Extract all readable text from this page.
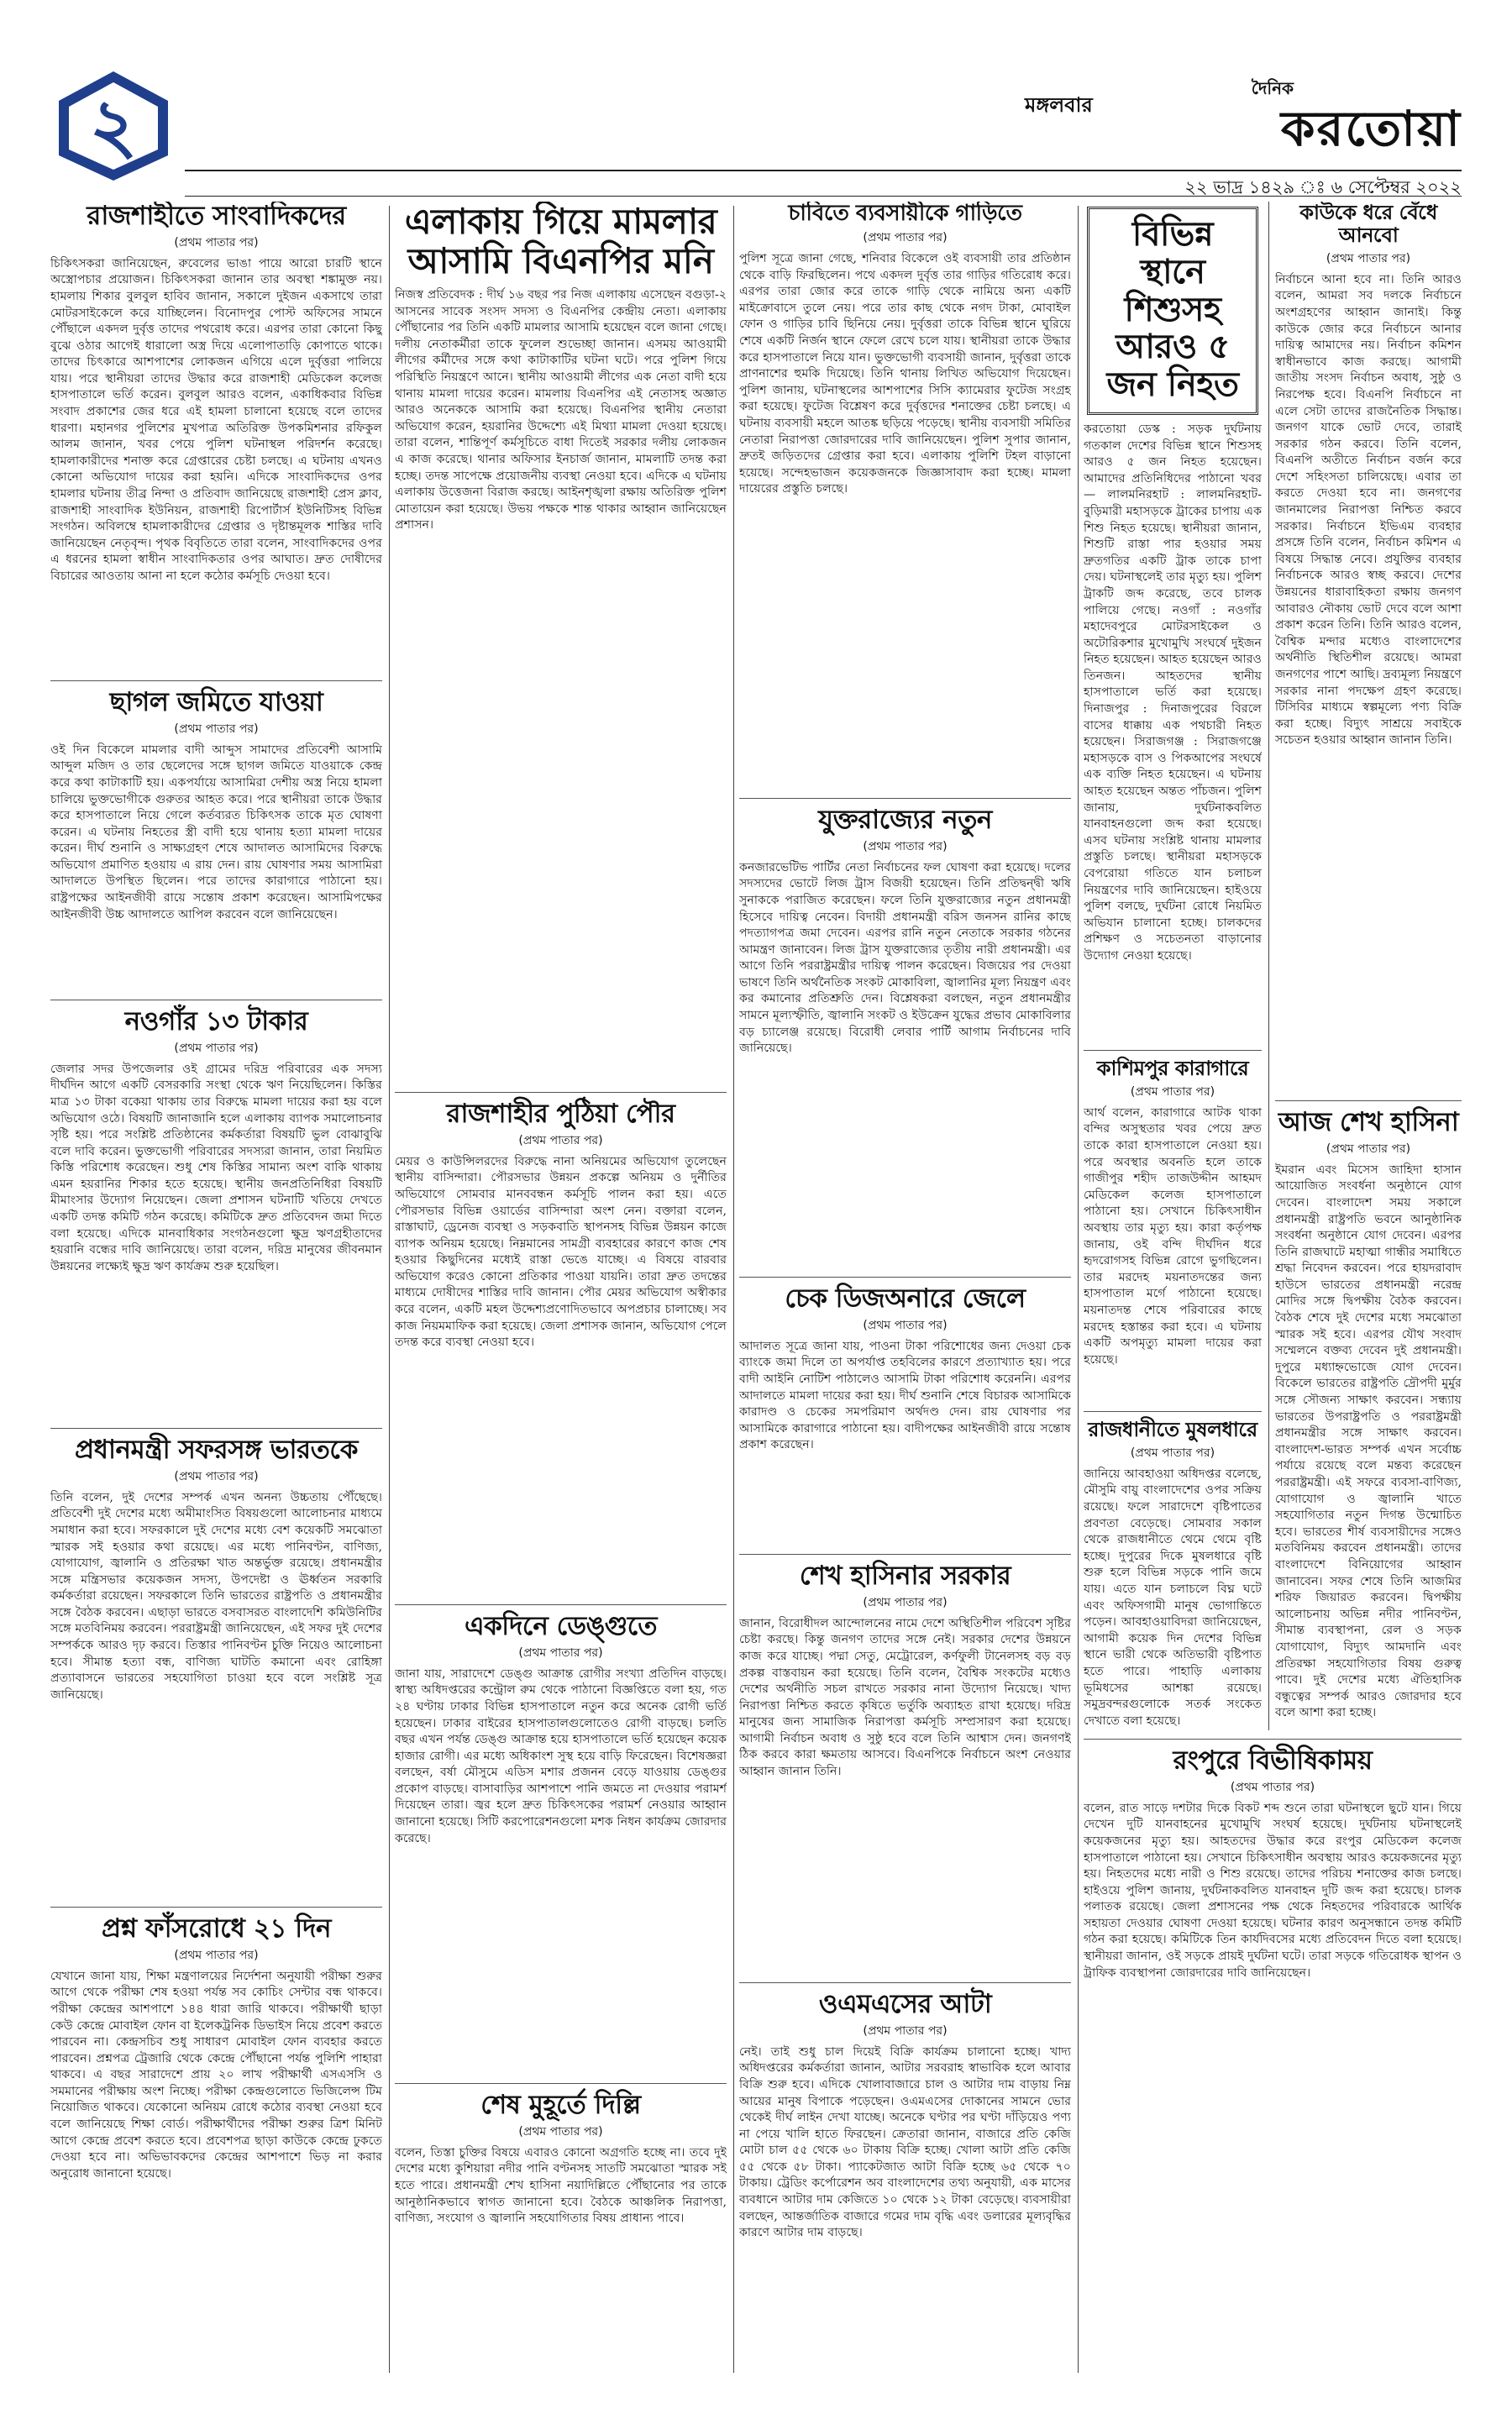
২	মঙ্গলবার
দৈনিক
করতোয়া
২২ ভাদ্র ১৪২৯ ঃ ৬ সেপ্টেম্বর ২০২২
রাজশাহীতে সাংবাদিকদের
(প্রথম পাতার পর)
চিকিৎসকরা জানিয়েছেন, রুবেলের ভাঙা পায়ে আরো চারটি স্থানে অস্ত্রোপচার প্রয়োজন। চিকিৎসকরা জানান তার অবস্থা শঙ্কামুক্ত নয়। হামলায় শিকার বুলবুল হাবিব জানান, সকালে দুইজন একসাথে তারা মোটরসাইকেলে করে যাচ্ছিলেন। বিনোদপুর পোস্ট অফিসের সামনে পৌঁছালে একদল দুর্বৃত্ত তাদের পথরোধ করে। এরপর তারা কোনো কিছু বুঝে ওঠার আগেই ধারালো অস্ত্র দিয়ে এলোপাতাড়ি কোপাতে থাকে। তাদের চিৎকারে আশপাশের লোকজন এগিয়ে এলে দুর্বৃত্তরা পালিয়ে যায়। পরে স্থানীয়রা তাদের উদ্ধার করে রাজশাহী মেডিকেল কলেজ হাসপাতালে ভর্তি করেন। বুলবুল আরও বলেন, একাধিকবার বিভিন্ন সংবাদ প্রকাশের জের ধরে এই হামলা চালানো হয়েছে বলে তাদের ধারণা। মহানগর পুলিশের মুখপাত্র অতিরিক্ত উপকমিশনার রফিকুল আলম জানান, খবর পেয়ে পুলিশ ঘটনাস্থল পরিদর্শন করেছে। হামলাকারীদের শনাক্ত করে গ্রেপ্তারের চেষ্টা চলছে। এ ঘটনায় এখনও কোনো অভিযোগ দায়ের করা হয়নি। এদিকে সাংবাদিকদের ওপর হামলার ঘটনায় তীব্র নিন্দা ও প্রতিবাদ জানিয়েছে রাজশাহী প্রেস ক্লাব, রাজশাহী সাংবাদিক ইউনিয়ন, রাজশাহী রিপোর্টার্স ইউনিটিসহ বিভিন্ন সংগঠন। অবিলম্বে হামলাকারীদের গ্রেপ্তার ও দৃষ্টান্তমূলক শাস্তির দাবি জানিয়েছেন নেতৃবৃন্দ। পৃথক বিবৃতিতে তারা বলেন, সাংবাদিকদের ওপর এ ধরনের হামলা স্বাধীন সাংবাদিকতার ওপর আঘাত। দ্রুত দোষীদের বিচারের আওতায় আনা না হলে কঠোর কর্মসূচি দেওয়া হবে।
ছাগল জমিতে যাওয়া
(প্রথম পাতার পর)
ওই দিন বিকেলে মামলার বাদী আব্দুস সামাদের প্রতিবেশী আসামি আব্দুল মজিদ ও তার ছেলেদের সঙ্গে ছাগল জমিতে যাওয়াকে কেন্দ্র করে কথা কাটাকাটি হয়। একপর্যায়ে আসামিরা দেশীয় অস্ত্র নিয়ে হামলা চালিয়ে ভুক্তভোগীকে গুরুতর আহত করে। পরে স্থানীয়রা তাকে উদ্ধার করে হাসপাতালে নিয়ে গেলে কর্তব্যরত চিকিৎসক তাকে মৃত ঘোষণা করেন। এ ঘটনায় নিহতের স্ত্রী বাদী হয়ে থানায় হত্যা মামলা দায়ের করেন। দীর্ঘ শুনানি ও সাক্ষ্যগ্রহণ শেষে আদালত আসামিদের বিরুদ্ধে অভিযোগ প্রমাণিত হওয়ায় এ রায় দেন। রায় ঘোষণার সময় আসামিরা আদালতে উপস্থিত ছিলেন। পরে তাদের কারাগারে পাঠানো হয়। রাষ্ট্রপক্ষের আইনজীবী রায়ে সন্তোষ প্রকাশ করেছেন। আসামিপক্ষের আইনজীবী উচ্চ আদালতে আপিল করবেন বলে জানিয়েছেন।
নওগাঁর ১৩ টাকার
(প্রথম পাতার পর)
জেলার সদর উপজেলার ওই গ্রামের দরিদ্র পরিবারের এক সদস্য দীর্ঘদিন আগে একটি বেসরকারি সংস্থা থেকে ঋণ নিয়েছিলেন। কিস্তির মাত্র ১৩ টাকা বকেয়া থাকায় তার বিরুদ্ধে মামলা দায়ের করা হয় বলে অভিযোগ ওঠে। বিষয়টি জানাজানি হলে এলাকায় ব্যাপক সমালোচনার সৃষ্টি হয়। পরে সংশ্লিষ্ট প্রতিষ্ঠানের কর্মকর্তারা বিষয়টি ভুল বোঝাবুঝি বলে দাবি করেন। ভুক্তভোগী পরিবারের সদস্যরা জানান, তারা নিয়মিত কিস্তি পরিশোধ করেছেন। শুধু শেষ কিস্তির সামান্য অংশ বাকি থাকায় এমন হয়রানির শিকার হতে হয়েছে। স্থানীয় জনপ্রতিনিধিরা বিষয়টি মীমাংসার উদ্যোগ নিয়েছেন। জেলা প্রশাসন ঘটনাটি খতিয়ে দেখতে একটি তদন্ত কমিটি গঠন করেছে। কমিটিকে দ্রুত প্রতিবেদন জমা দিতে বলা হয়েছে। এদিকে মানবাধিকার সংগঠনগুলো ক্ষুদ্র ঋণগ্রহীতাদের হয়রানি বন্ধের দাবি জানিয়েছে। তারা বলেন, দরিদ্র মানুষের জীবনমান উন্নয়নের লক্ষ্যেই ক্ষুদ্র ঋণ কার্যক্রম শুরু হয়েছিল।
প্রধানমন্ত্রী সফরসঙ্গ ভারতকে
(প্রথম পাতার পর)
তিনি বলেন, দুই দেশের সম্পর্ক এখন অনন্য উচ্চতায় পৌঁছেছে। প্রতিবেশী দুই দেশের মধ্যে অমীমাংসিত বিষয়গুলো আলোচনার মাধ্যমে সমাধান করা হবে। সফরকালে দুই দেশের মধ্যে বেশ কয়েকটি সমঝোতা স্মারক সই হওয়ার কথা রয়েছে। এর মধ্যে পানিবণ্টন, বাণিজ্য, যোগাযোগ, জ্বালানি ও প্রতিরক্ষা খাত অন্তর্ভুক্ত রয়েছে। প্রধানমন্ত্রীর সঙ্গে মন্ত্রিসভার কয়েকজন সদস্য, উপদেষ্টা ও ঊর্ধ্বতন সরকারি কর্মকর্তারা রয়েছেন। সফরকালে তিনি ভারতের রাষ্ট্রপতি ও প্রধানমন্ত্রীর সঙ্গে বৈঠক করবেন। এছাড়া ভারতে বসবাসরত বাংলাদেশি কমিউনিটির সঙ্গে মতবিনিময় করবেন। পররাষ্ট্রমন্ত্রী জানিয়েছেন, এই সফর দুই দেশের সম্পর্ককে আরও দৃঢ় করবে। তিস্তার পানিবণ্টন চুক্তি নিয়েও আলোচনা হবে। সীমান্ত হত্যা বন্ধ, বাণিজ্য ঘাটতি কমানো এবং রোহিঙ্গা প্রত্যাবাসনে ভারতের সহযোগিতা চাওয়া হবে বলে সংশ্লিষ্ট সূত্র জানিয়েছে।
প্রশ্ন ফাঁসরোধে ২১ দিন
(প্রথম পাতার পর)
যেখানে জানা যায়, শিক্ষা মন্ত্রণালয়ের নির্দেশনা অনুযায়ী পরীক্ষা শুরুর আগে থেকে পরীক্ষা শেষ হওয়া পর্যন্ত সব কোচিং সেন্টার বন্ধ থাকবে। পরীক্ষা কেন্দ্রের আশপাশে ১৪৪ ধারা জারি থাকবে। পরীক্ষার্থী ছাড়া কেউ কেন্দ্রে মোবাইল ফোন বা ইলেকট্রনিক ডিভাইস নিয়ে প্রবেশ করতে পারবেন না। কেন্দ্রসচিব শুধু সাধারণ মোবাইল ফোন ব্যবহার করতে পারবেন। প্রশ্নপত্র ট্রেজারি থেকে কেন্দ্রে পৌঁছানো পর্যন্ত পুলিশি পাহারা থাকবে। এ বছর সারাদেশে প্রায় ২০ লাখ পরীক্ষার্থী এসএসসি ও সমমানের পরীক্ষায় অংশ নিচ্ছে। পরীক্ষা কেন্দ্রগুলোতে ভিজিলেন্স টিম নিয়োজিত থাকবে। যেকোনো অনিয়ম রোধে কঠোর ব্যবস্থা নেওয়া হবে বলে জানিয়েছে শিক্ষা বোর্ড। পরীক্ষার্থীদের পরীক্ষা শুরুর ত্রিশ মিনিট আগে কেন্দ্রে প্রবেশ করতে হবে। প্রবেশপত্র ছাড়া কাউকে কেন্দ্রে ঢুকতে দেওয়া হবে না। অভিভাবকদের কেন্দ্রের আশপাশে ভিড় না করার অনুরোধ জানানো হয়েছে।
এলাকায় গিয়ে মামলার আসামি বিএনপির মনি
নিজস্ব প্রতিবেদক : দীর্ঘ ১৬ বছর পর নিজ এলাকায় এসেছেন বগুড়া-২ আসনের সাবেক সংসদ সদস্য ও বিএনপির কেন্দ্রীয় নেতা। এলাকায় পৌঁছানোর পর তিনি একটি মামলার আসামি হয়েছেন বলে জানা গেছে। দলীয় নেতাকর্মীরা তাকে ফুলেল শুভেচ্ছা জানান। এসময় আওয়ামী লীগের কর্মীদের সঙ্গে কথা কাটাকাটির ঘটনা ঘটে। পরে পুলিশ গিয়ে পরিস্থিতি নিয়ন্ত্রণে আনে। স্থানীয় আওয়ামী লীগের এক নেতা বাদী হয়ে থানায় মামলা দায়ের করেন। মামলায় বিএনপির এই নেতাসহ অজ্ঞাত আরও অনেককে আসামি করা হয়েছে। বিএনপির স্থানীয় নেতারা অভিযোগ করেন, হয়রানির উদ্দেশ্যে এই মিথ্যা মামলা দেওয়া হয়েছে। তারা বলেন, শান্তিপূর্ণ কর্মসূচিতে বাধা দিতেই সরকার দলীয় লোকজন এ কাজ করেছে। থানার অফিসার ইনচার্জ জানান, মামলাটি তদন্ত করা হচ্ছে। তদন্ত সাপেক্ষে প্রয়োজনীয় ব্যবস্থা নেওয়া হবে। এদিকে এ ঘটনায় এলাকায় উত্তেজনা বিরাজ করছে। আইনশৃঙ্খলা রক্ষায় অতিরিক্ত পুলিশ মোতায়েন করা হয়েছে। উভয় পক্ষকে শান্ত থাকার আহ্বান জানিয়েছেন প্রশাসন।
রাজশাহীর পুঠিয়া পৌর
(প্রথম পাতার পর)
মেয়র ও কাউন্সিলরদের বিরুদ্ধে নানা অনিয়মের অভিযোগ তুলেছেন স্থানীয় বাসিন্দারা। পৌরসভার উন্নয়ন প্রকল্পে অনিয়ম ও দুর্নীতির অভিযোগে সোমবার মানববন্ধন কর্মসূচি পালন করা হয়। এতে পৌরসভার বিভিন্ন ওয়ার্ডের বাসিন্দারা অংশ নেন। বক্তারা বলেন, রাস্তাঘাট, ড্রেনেজ ব্যবস্থা ও সড়কবাতি স্থাপনসহ বিভিন্ন উন্নয়ন কাজে ব্যাপক অনিয়ম হয়েছে। নিম্নমানের সামগ্রী ব্যবহারের কারণে কাজ শেষ হওয়ার কিছুদিনের মধ্যেই রাস্তা ভেঙে যাচ্ছে। এ বিষয়ে বারবার অভিযোগ করেও কোনো প্রতিকার পাওয়া যায়নি। তারা দ্রুত তদন্তের মাধ্যমে দোষীদের শাস্তির দাবি জানান। পৌর মেয়র অভিযোগ অস্বীকার করে বলেন, একটি মহল উদ্দেশ্যপ্রণোদিতভাবে অপপ্রচার চালাচ্ছে। সব কাজ নিয়মমাফিক করা হয়েছে। জেলা প্রশাসক জানান, অভিযোগ পেলে তদন্ত করে ব্যবস্থা নেওয়া হবে।
একদিনে ডেঙ্গুতে
(প্রথম পাতার পর)
জানা যায়, সারাদেশে ডেঙ্গু আক্রান্ত রোগীর সংখ্যা প্রতিদিন বাড়ছে। স্বাস্থ্য অধিদপ্তরের কন্ট্রোল রুম থেকে পাঠানো বিজ্ঞপ্তিতে বলা হয়, গত ২৪ ঘণ্টায় ঢাকার বিভিন্ন হাসপাতালে নতুন করে অনেক রোগী ভর্তি হয়েছেন। ঢাকার বাইরের হাসপাতালগুলোতেও রোগী বাড়ছে। চলতি বছর এখন পর্যন্ত ডেঙ্গু আক্রান্ত হয়ে হাসপাতালে ভর্তি হয়েছেন কয়েক হাজার রোগী। এর মধ্যে অধিকাংশ সুস্থ হয়ে বাড়ি ফিরেছেন। বিশেষজ্ঞরা বলছেন, বর্ষা মৌসুমে এডিস মশার প্রজনন বেড়ে যাওয়ায় ডেঙ্গুর প্রকোপ বাড়ছে। বাসাবাড়ির আশপাশে পানি জমতে না দেওয়ার পরামর্শ দিয়েছেন তারা। জ্বর হলে দ্রুত চিকিৎসকের পরামর্শ নেওয়ার আহ্বান জানানো হয়েছে। সিটি করপোরেশনগুলো মশক নিধন কার্যক্রম জোরদার করেছে।
শেষ মুহূর্তে দিল্লি
(প্রথম পাতার পর)
বলেন, তিস্তা চুক্তির বিষয়ে এবারও কোনো অগ্রগতি হচ্ছে না। তবে দুই দেশের মধ্যে কুশিয়ারা নদীর পানি বণ্টনসহ সাতটি সমঝোতা স্মারক সই হতে পারে। প্রধানমন্ত্রী শেখ হাসিনা নয়াদিল্লিতে পৌঁছানোর পর তাকে আনুষ্ঠানিকভাবে স্বাগত জানানো হবে। বৈঠকে আঞ্চলিক নিরাপত্তা, বাণিজ্য, সংযোগ ও জ্বালানি সহযোগিতার বিষয় প্রাধান্য পাবে।
চাবিতে ব্যবসায়ীকে গাড়িতে
(প্রথম পাতার পর)
পুলিশ সূত্রে জানা গেছে, শনিবার বিকেলে ওই ব্যবসায়ী তার প্রতিষ্ঠান থেকে বাড়ি ফিরছিলেন। পথে একদল দুর্বৃত্ত তার গাড়ির গতিরোধ করে। এরপর তারা জোর করে তাকে গাড়ি থেকে নামিয়ে অন্য একটি মাইক্রোবাসে তুলে নেয়। পরে তার কাছ থেকে নগদ টাকা, মোবাইল ফোন ও গাড়ির চাবি ছিনিয়ে নেয়। দুর্বৃত্তরা তাকে বিভিন্ন স্থানে ঘুরিয়ে শেষে একটি নির্জন স্থানে ফেলে রেখে চলে যায়। স্থানীয়রা তাকে উদ্ধার করে হাসপাতালে নিয়ে যান। ভুক্তভোগী ব্যবসায়ী জানান, দুর্বৃত্তরা তাকে প্রাণনাশের হুমকি দিয়েছে। তিনি থানায় লিখিত অভিযোগ দিয়েছেন। পুলিশ জানায়, ঘটনাস্থলের আশপাশের সিসি ক্যামেরার ফুটেজ সংগ্রহ করা হয়েছে। ফুটেজ বিশ্লেষণ করে দুর্বৃত্তদের শনাক্তের চেষ্টা চলছে। এ ঘটনায় ব্যবসায়ী মহলে আতঙ্ক ছড়িয়ে পড়েছে। স্থানীয় ব্যবসায়ী সমিতির নেতারা নিরাপত্তা জোরদারের দাবি জানিয়েছেন। পুলিশ সুপার জানান, দ্রুতই জড়িতদের গ্রেপ্তার করা হবে। এলাকায় পুলিশি টহল বাড়ানো হয়েছে। সন্দেহভাজন কয়েকজনকে জিজ্ঞাসাবাদ করা হচ্ছে। মামলা দায়েরের প্রস্তুতি চলছে।
যুক্তরাজ্যের নতুন
(প্রথম পাতার পর)
কনজারভেটিভ পার্টির নেতা নির্বাচনের ফল ঘোষণা করা হয়েছে। দলের সদস্যদের ভোটে লিজ ট্রাস বিজয়ী হয়েছেন। তিনি প্রতিদ্বন্দ্বী ঋষি সুনাককে পরাজিত করেছেন। ফলে তিনি যুক্তরাজ্যের নতুন প্রধানমন্ত্রী হিসেবে দায়িত্ব নেবেন। বিদায়ী প্রধানমন্ত্রী বরিস জনসন রানির কাছে পদত্যাগপত্র জমা দেবেন। এরপর রানি নতুন নেতাকে সরকার গঠনের আমন্ত্রণ জানাবেন। লিজ ট্রাস যুক্তরাজ্যের তৃতীয় নারী প্রধানমন্ত্রী। এর আগে তিনি পররাষ্ট্রমন্ত্রীর দায়িত্ব পালন করেছেন। বিজয়ের পর দেওয়া ভাষণে তিনি অর্থনৈতিক সংকট মোকাবিলা, জ্বালানির মূল্য নিয়ন্ত্রণ এবং কর কমানোর প্রতিশ্রুতি দেন। বিশ্লেষকরা বলছেন, নতুন প্রধানমন্ত্রীর সামনে মূল্যস্ফীতি, জ্বালানি সংকট ও ইউক্রেন যুদ্ধের প্রভাব মোকাবিলার বড় চ্যালেঞ্জ রয়েছে। বিরোধী লেবার পার্টি আগাম নির্বাচনের দাবি জানিয়েছে।
চেক ডিজঅনারে জেলে
(প্রথম পাতার পর)
আদালত সূত্রে জানা যায়, পাওনা টাকা পরিশোধের জন্য দেওয়া চেক ব্যাংকে জমা দিলে তা অপর্যাপ্ত তহবিলের কারণে প্রত্যাখ্যাত হয়। পরে বাদী আইনি নোটিশ পাঠালেও আসামি টাকা পরিশোধ করেননি। এরপর আদালতে মামলা দায়ের করা হয়। দীর্ঘ শুনানি শেষে বিচারক আসামিকে কারাদণ্ড ও চেকের সমপরিমাণ অর্থদণ্ড দেন। রায় ঘোষণার পর আসামিকে কারাগারে পাঠানো হয়। বাদীপক্ষের আইনজীবী রায়ে সন্তোষ প্রকাশ করেছেন।
শেখ হাসিনার সরকার
(প্রথম পাতার পর)
জানান, বিরোধীদল আন্দোলনের নামে দেশে অস্থিতিশীল পরিবেশ সৃষ্টির চেষ্টা করছে। কিন্তু জনগণ তাদের সঙ্গে নেই। সরকার দেশের উন্নয়নে কাজ করে যাচ্ছে। পদ্মা সেতু, মেট্রোরেল, কর্ণফুলী টানেলসহ বড় বড় প্রকল্প বাস্তবায়ন করা হয়েছে। তিনি বলেন, বৈশ্বিক সংকটের মধ্যেও দেশের অর্থনীতি সচল রাখতে সরকার নানা উদ্যোগ নিয়েছে। খাদ্য নিরাপত্তা নিশ্চিত করতে কৃষিতে ভর্তুকি অব্যাহত রাখা হয়েছে। দরিদ্র মানুষের জন্য সামাজিক নিরাপত্তা কর্মসূচি সম্প্রসারণ করা হয়েছে। আগামী নির্বাচন অবাধ ও সুষ্ঠু হবে বলে তিনি আশ্বাস দেন। জনগণই ঠিক করবে কারা ক্ষমতায় আসবে। বিএনপিকে নির্বাচনে অংশ নেওয়ার আহ্বান জানান তিনি।
ওএমএসের আটা
(প্রথম পাতার পর)
নেই। তাই শুধু চাল দিয়েই বিক্রি কার্যক্রম চালানো হচ্ছে। খাদ্য অধিদপ্তরের কর্মকর্তারা জানান, আটার সরবরাহ স্বাভাবিক হলে আবার বিক্রি শুরু হবে। এদিকে খোলাবাজারে চাল ও আটার দাম বাড়ায় নিম্ন আয়ের মানুষ বিপাকে পড়েছেন। ওএমএসের দোকানের সামনে ভোর থেকেই দীর্ঘ লাইন দেখা যাচ্ছে। অনেকে ঘণ্টার পর ঘণ্টা দাঁড়িয়েও পণ্য না পেয়ে খালি হাতে ফিরছেন। ক্রেতারা জানান, বাজারে প্রতি কেজি মোটা চাল ৫৫ থেকে ৬০ টাকায় বিক্রি হচ্ছে। খোলা আটা প্রতি কেজি ৫৫ থেকে ৫৮ টাকা। প্যাকেটজাত আটা বিক্রি হচ্ছে ৬৫ থেকে ৭০ টাকায়। ট্রেডিং কর্পোরেশন অব বাংলাদেশের তথ্য অনুযায়ী, এক মাসের ব্যবধানে আটার দাম কেজিতে ১০ থেকে ১২ টাকা বেড়েছে। ব্যবসায়ীরা বলছেন, আন্তর্জাতিক বাজারে গমের দাম বৃদ্ধি এবং ডলারের মূল্যবৃদ্ধির কারণে আটার দাম বাড়ছে।
বিভিন্ন স্থানে শিশুসহ আরও ৫ জন নিহত
করতোয়া ডেস্ক : সড়ক দুর্ঘটনায় গতকাল দেশের বিভিন্ন স্থানে শিশুসহ আরও ৫ জন নিহত হয়েছেন। আমাদের প্রতিনিধিদের পাঠানো খবর— লালমনিরহাট : লালমনিরহাট-বুড়িমারী মহাসড়কে ট্রাকের চাপায় এক শিশু নিহত হয়েছে। স্থানীয়রা জানান, শিশুটি রাস্তা পার হওয়ার সময় দ্রুতগতির একটি ট্রাক তাকে চাপা দেয়। ঘটনাস্থলেই তার মৃত্যু হয়। পুলিশ ট্রাকটি জব্দ করেছে, তবে চালক পালিয়ে গেছে। নওগাঁ : নওগাঁর মহাদেবপুরে মোটরসাইকেল ও অটোরিকশার মুখোমুখি সংঘর্ষে দুইজন নিহত হয়েছেন। আহত হয়েছেন আরও তিনজন। আহতদের স্থানীয় হাসপাতালে ভর্তি করা হয়েছে। দিনাজপুর : দিনাজপুরের বিরলে বাসের ধাক্কায় এক পথচারী নিহত হয়েছেন। সিরাজগঞ্জ : সিরাজগঞ্জে মহাসড়কে বাস ও পিকআপের সংঘর্ষে এক ব্যক্তি নিহত হয়েছেন। এ ঘটনায় আহত হয়েছেন অন্তত পাঁচজন। পুলিশ জানায়, দুর্ঘটনাকবলিত যানবাহনগুলো জব্দ করা হয়েছে। এসব ঘটনায় সংশ্লিষ্ট থানায় মামলার প্রস্তুতি চলছে। স্থানীয়রা মহাসড়কে বেপরোয়া গতিতে যান চলাচল নিয়ন্ত্রণের দাবি জানিয়েছেন। হাইওয়ে পুলিশ বলছে, দুর্ঘটনা রোধে নিয়মিত অভিযান চালানো হচ্ছে। চালকদের প্রশিক্ষণ ও সচেতনতা বাড়ানোর উদ্যোগ নেওয়া হয়েছে।
কাশিমপুর কারাগারে
(প্রথম পাতার পর)
আর্থ বলেন, কারাগারে আটক থাকা বন্দির অসুস্থতার খবর পেয়ে দ্রুত তাকে কারা হাসপাতালে নেওয়া হয়। পরে অবস্থার অবনতি হলে তাকে গাজীপুর শহীদ তাজউদ্দীন আহমদ মেডিকেল কলেজ হাসপাতালে পাঠানো হয়। সেখানে চিকিৎসাধীন অবস্থায় তার মৃত্যু হয়। কারা কর্তৃপক্ষ জানায়, ওই বন্দি দীর্ঘদিন ধরে হৃদরোগসহ বিভিন্ন রোগে ভুগছিলেন। তার মরদেহ ময়নাতদন্তের জন্য হাসপাতাল মর্গে পাঠানো হয়েছে। ময়নাতদন্ত শেষে পরিবারের কাছে মরদেহ হস্তান্তর করা হবে। এ ঘটনায় একটি অপমৃত্যু মামলা দায়ের করা হয়েছে।
রাজধানীতে মুষলধারে
(প্রথম পাতার পর)
জানিয়ে আবহাওয়া অধিদপ্তর বলেছে, মৌসুমি বায়ু বাংলাদেশের ওপর সক্রিয় রয়েছে। ফলে সারাদেশে বৃষ্টিপাতের প্রবণতা বেড়েছে। সোমবার সকাল থেকে রাজধানীতে থেমে থেমে বৃষ্টি হচ্ছে। দুপুরের দিকে মুষলধারে বৃষ্টি শুরু হলে বিভিন্ন সড়কে পানি জমে যায়। এতে যান চলাচলে বিঘ্ন ঘটে এবং অফিসগামী মানুষ ভোগান্তিতে পড়েন। আবহাওয়াবিদরা জানিয়েছেন, আগামী কয়েক দিন দেশের বিভিন্ন স্থানে ভারী থেকে অতিভারী বৃষ্টিপাত হতে পারে। পাহাড়ি এলাকায় ভূমিধসের আশঙ্কা রয়েছে। সমুদ্রবন্দরগুলোকে সতর্ক সংকেত দেখাতে বলা হয়েছে।
কাউকে ধরে বেঁধে আনবো
(প্রথম পাতার পর)
নির্বাচনে আনা হবে না। তিনি আরও বলেন, আমরা সব দলকে নির্বাচনে অংশগ্রহণের আহ্বান জানাই। কিন্তু কাউকে জোর করে নির্বাচনে আনার দায়িত্ব আমাদের নয়। নির্বাচন কমিশন স্বাধীনভাবে কাজ করছে। আগামী জাতীয় সংসদ নির্বাচন অবাধ, সুষ্ঠু ও নিরপেক্ষ হবে। বিএনপি নির্বাচনে না এলে সেটা তাদের রাজনৈতিক সিদ্ধান্ত। জনগণ যাকে ভোট দেবে, তারাই সরকার গঠন করবে। তিনি বলেন, বিএনপি অতীতে নির্বাচন বর্জন করে দেশে সহিংসতা চালিয়েছে। এবার তা করতে দেওয়া হবে না। জনগণের জানমালের নিরাপত্তা নিশ্চিত করবে সরকার। নির্বাচনে ইভিএম ব্যবহার প্রসঙ্গে তিনি বলেন, নির্বাচন কমিশন এ বিষয়ে সিদ্ধান্ত নেবে। প্রযুক্তির ব্যবহার নির্বাচনকে আরও স্বচ্ছ করবে। দেশের উন্নয়নের ধারাবাহিকতা রক্ষায় জনগণ আবারও নৌকায় ভোট দেবে বলে আশা প্রকাশ করেন তিনি। তিনি আরও বলেন, বৈশ্বিক মন্দার মধ্যেও বাংলাদেশের অর্থনীতি স্থিতিশীল রয়েছে। আমরা জনগণের পাশে আছি। দ্রব্যমূল্য নিয়ন্ত্রণে সরকার নানা পদক্ষেপ গ্রহণ করেছে। টিসিবির মাধ্যমে স্বল্পমূল্যে পণ্য বিক্রি করা হচ্ছে। বিদ্যুৎ সাশ্রয়ে সবাইকে সচেতন হওয়ার আহ্বান জানান তিনি।
আজ শেখ হাসিনা
(প্রথম পাতার পর)
ইমরান এবং মিসেস জাহিদা হাসান আয়োজিত সংবর্ধনা অনুষ্ঠানে যোগ দেবেন। বাংলাদেশ সময় সকালে প্রধানমন্ত্রী রাষ্ট্রপতি ভবনে আনুষ্ঠানিক সংবর্ধনা অনুষ্ঠানে যোগ দেবেন। এরপর তিনি রাজঘাটে মহাত্মা গান্ধীর সমাধিতে শ্রদ্ধা নিবেদন করবেন। পরে হায়দরাবাদ হাউসে ভারতের প্রধানমন্ত্রী নরেন্দ্র মোদির সঙ্গে দ্বিপক্ষীয় বৈঠক করবেন। বৈঠক শেষে দুই দেশের মধ্যে সমঝোতা স্মারক সই হবে। এরপর যৌথ সংবাদ সম্মেলনে বক্তব্য দেবেন দুই প্রধানমন্ত্রী। দুপুরে মধ্যাহ্নভোজে যোগ দেবেন। বিকেলে ভারতের রাষ্ট্রপতি দ্রৌপদী মুর্মুর সঙ্গে সৌজন্য সাক্ষাৎ করবেন। সন্ধ্যায় ভারতের উপরাষ্ট্রপতি ও পররাষ্ট্রমন্ত্রী প্রধানমন্ত্রীর সঙ্গে সাক্ষাৎ করবেন। বাংলাদেশ-ভারত সম্পর্ক এখন সর্বোচ্চ পর্যায়ে রয়েছে বলে মন্তব্য করেছেন পররাষ্ট্রমন্ত্রী। এই সফরে ব্যবসা-বাণিজ্য, যোগাযোগ ও জ্বালানি খাতে সহযোগিতার নতুন দিগন্ত উন্মোচিত হবে। ভারতের শীর্ষ ব্যবসায়ীদের সঙ্গেও মতবিনিময় করবেন প্রধানমন্ত্রী। তাদের বাংলাদেশে বিনিয়োগের আহ্বান জানাবেন। সফর শেষে তিনি আজমির শরিফ জিয়ারত করবেন। দ্বিপক্ষীয় আলোচনায় অভিন্ন নদীর পানিবণ্টন, সীমান্ত ব্যবস্থাপনা, রেল ও সড়ক যোগাযোগ, বিদ্যুৎ আমদানি এবং প্রতিরক্ষা সহযোগিতার বিষয় গুরুত্ব পাবে। দুই দেশের মধ্যে ঐতিহাসিক বন্ধুত্বের সম্পর্ক আরও জোরদার হবে বলে আশা করা হচ্ছে।
রংপুরে বিভীষিকাময়
(প্রথম পাতার পর)
বলেন, রাত সাড়ে দশটার দিকে বিকট শব্দ শুনে তারা ঘটনাস্থলে ছুটে যান। গিয়ে দেখেন দুটি যানবাহনের মুখোমুখি সংঘর্ষ হয়েছে। দুর্ঘটনায় ঘটনাস্থলেই কয়েকজনের মৃত্যু হয়। আহতদের উদ্ধার করে রংপুর মেডিকেল কলেজ হাসপাতালে পাঠানো হয়। সেখানে চিকিৎসাধীন অবস্থায় আরও কয়েকজনের মৃত্যু হয়। নিহতদের মধ্যে নারী ও শিশু রয়েছে। তাদের পরিচয় শনাক্তের কাজ চলছে। হাইওয়ে পুলিশ জানায়, দুর্ঘটনাকবলিত যানবাহন দুটি জব্দ করা হয়েছে। চালক পলাতক রয়েছে। জেলা প্রশাসনের পক্ষ থেকে নিহতদের পরিবারকে আর্থিক সহায়তা দেওয়ার ঘোষণা দেওয়া হয়েছে। ঘটনার কারণ অনুসন্ধানে তদন্ত কমিটি গঠন করা হয়েছে। কমিটিকে তিন কার্যদিবসের মধ্যে প্রতিবেদন দিতে বলা হয়েছে। স্থানীয়রা জানান, ওই সড়কে প্রায়ই দুর্ঘটনা ঘটে। তারা সড়কে গতিরোধক স্থাপন ও ট্রাফিক ব্যবস্থাপনা জোরদারের দাবি জানিয়েছেন।
